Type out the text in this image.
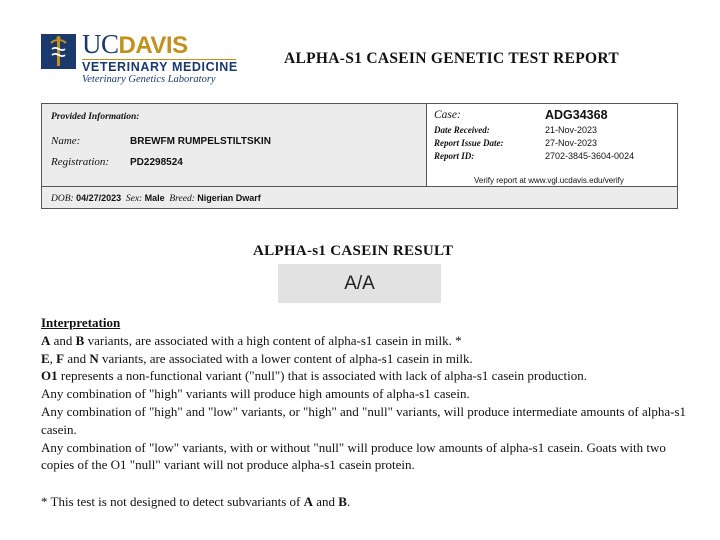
UCDAVIS
VETERINARY MEDICINE
Veterinary Genetics Laboratory
ALPHA-S1 CASEIN GENETIC TEST REPORT
Provided Information:
Name:	BREWFM RUMPELSTILTSKIN
Registration: PD2298524
Case:	ADG34368
Date Received:	21-Nov-2023
Report Issue Date:	27-Nov-2023
Report ID:	2702-3845-3604-0024
Verify report at www.vgl.ucdavis.edu/verify
DOB: 04/27/2023 Sex: Male Breed: Nigerian Dwarf
ALPHA-s1 CASEIN RESULT
A/A

Interpretation

A and B variants, are associated with a high content of alpha-s1 casein in milk. *

E, F and N variants, are associated with a lower content of alpha-s1 casein in milk.

O1 represents a non-functional variant ("null") that is associated with lack of alpha-s1 casein production.

Any combination of "high" variants will produce high amounts of alpha-s1 casein.

Any combination of "high" and "low" variants, or "high" and "null" variants, will produce intermediate amounts of alpha-s1 casein.

Any combination of "low" variants, with or without "null" will produce low amounts of alpha-s1 casein. Goats with two copies of the O1 "null" variant will not produce alpha-s1 casein protein.

* This test is not designed to detect subvariants of A and B.
